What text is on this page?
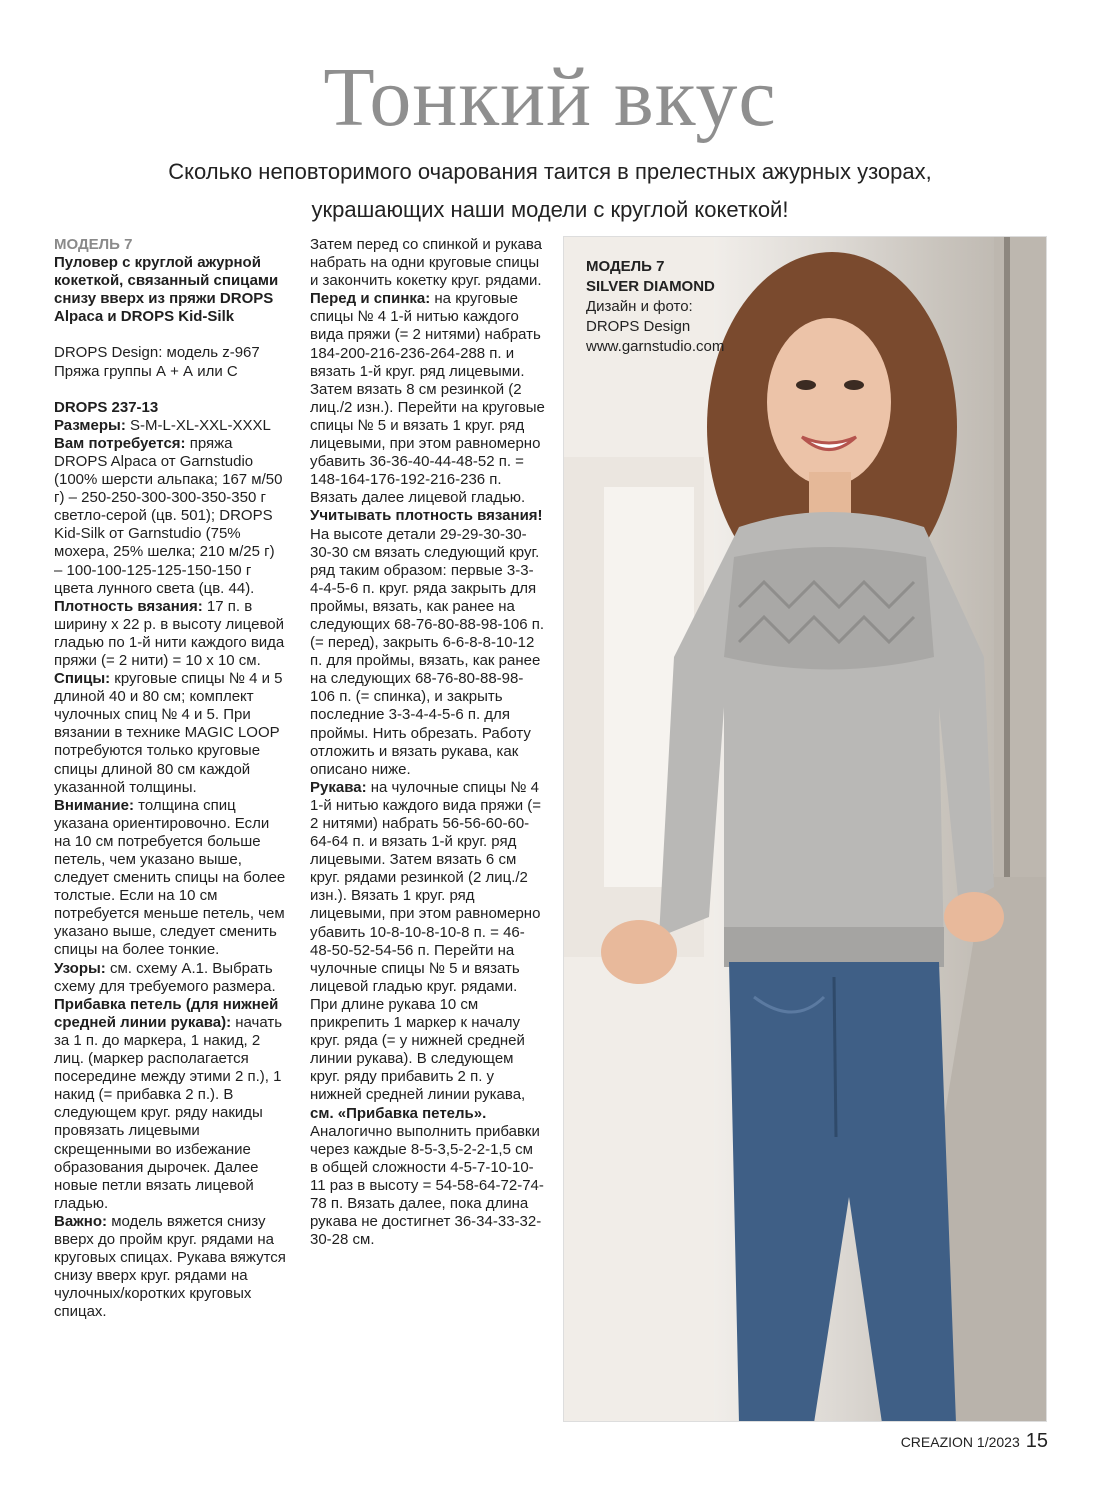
Тонкий вкус
Сколько неповторимого очарования таится в прелестных ажурных узорах,
украшающих наши модели с круглой кокеткой!

МОДЕЛЬ 7

Пуловер с круглой ажурной кокеткой, связанный спицами снизу вверх из пряжи DROPS Alpaca и DROPS Kid-Silk

DROPS Design: модель z-967

Пряжа группы А + А или С

DROPS 237-13

Размеры: S-M-L-XL-XXL-XXXL

Вам потребуется: пряжа DROPS Alpaca от Garnstudio (100% шерсти альпака; 167 м/50 г) – 250-250-300-300-350-350 г светло-серой (цв. 501); DROPS Kid-Silk от Garnstudio (75% мохера, 25% шелка; 210 м/25 г) – 100-100-125-125-150-150 г цвета лунного света (цв. 44).

Плотность вязания: 17 п. в ширину х 22 р. в высоту лицевой гладью по 1-й нити каждого вида пряжи (= 2 нити) = 10 х 10 см.

Спицы: круговые спицы № 4 и 5 длиной 40 и 80 см; комплект чулочных спиц № 4 и 5. При вязании в технике MAGIC LOOP потребуются только круговые спицы длиной 80 см каждой указанной толщины.

Внимание: толщина спиц указана ориентировочно. Если на 10 см потребуется больше петель, чем указано выше, следует сменить спицы на более толстые. Если на 10 см потребуется меньше петель, чем указано выше, следует сменить спицы на более тонкие.

Узоры: см. схему А.1. Выбрать схему для требуемого размера.

Прибавка петель (для нижней средней линии рукава): начать за 1 п. до маркера, 1 накид, 2 лиц. (маркер располагается посередине между этими 2 п.), 1 накид (= прибавка 2 п.). В следующем круг. ряду накиды провязать лицевыми скрещенными во избежание образования дырочек. Далее новые петли вязать лицевой гладью.

Важно: модель вяжется снизу вверх до пройм круг. рядами на круговых спицах. Рукава вяжутся снизу вверх круг. рядами на чулочных/коротких круговых спицах.

Затем перед со спинкой и рукава набрать на одни круговые спицы и закончить кокетку круг. рядами.

Перед и спинка: на круговые спицы № 4 1-й нитью каждого вида пряжи (= 2 нитями) набрать 184-200-216-236-264-288 п. и вязать 1-й круг. ряд лицевыми. Затем вязать 8 см резинкой (2 лиц./2 изн.). Перейти на круговые спицы № 5 и вязать 1 круг. ряд лицевыми, при этом равномерно убавить 36-36-40-44-48-52 п. = 148-164-176-192-216-236 п. Вязать далее лицевой гладью. Учитывать плотность вязания!

На высоте детали 29-29-30-30-30-30 см вязать следующий круг. ряд таким образом: первые 3-3-4-4-5-6 п. круг. ряда закрыть для проймы, вязать, как ранее на следующих 68-76-80-88-98-106 п. (= перед), закрыть 6-6-8-8-10-12 п. для проймы, вязать, как ранее на следующих 68-76-80-88-98-106 п. (= спинка), и закрыть последние 3-3-4-4-5-6 п. для проймы. Нить обрезать. Работу отложить и вязать рукава, как описано ниже.

Рукава: на чулочные спицы № 4 1-й нитью каждого вида пряжи (= 2 нитями) набрать 56-56-60-60-64-64 п. и вязать 1-й круг. ряд лицевыми. Затем вязать 6 см круг. рядами резинкой (2 лиц./2 изн.). Вязать 1 круг. ряд лицевыми, при этом равномерно убавить 10-8-10-8-10-8 п. = 46-48-50-52-54-56 п. Перейти на чулочные спицы № 5 и вязать лицевой гладью круг. рядами. При длине рукава 10 см прикрепить 1 маркер к началу круг. ряда (= у нижней средней линии рукава). В следующем круг. ряду прибавить 2 п. у нижней средней линии рукава, см. «Прибавка петель».

Аналогично выполнить прибавки через каждые 8-5-3,5-2-2-1,5 см в общей сложности 4-5-7-10-10-11 раз в высоту = 54-58-64-72-74-78 п. Вязать далее, пока длина рукава не достигнет 36-34-33-32-30-28 см.

МОДЕЛЬ 7
SILVER DIAMOND
Дизайн и фото:
DROPS Design
www.garnstudio.com
CREAZION 1/2023 15
